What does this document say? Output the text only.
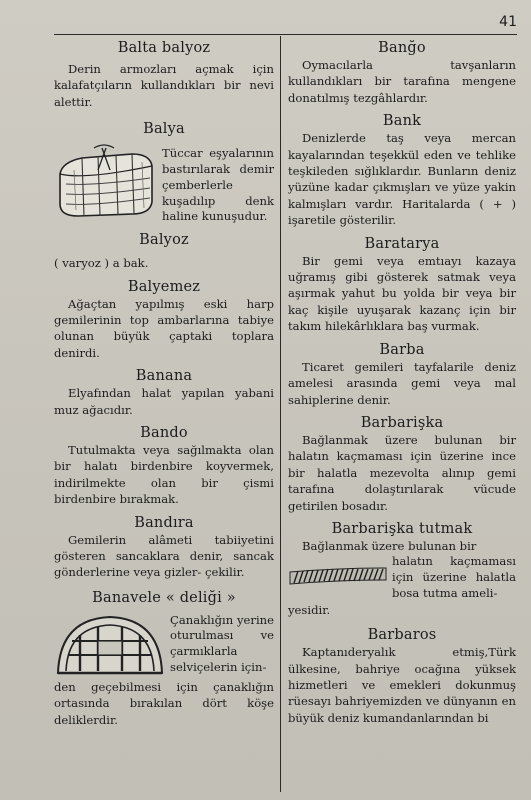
41
Balta balyoz

Derin armozları açmak için kalafatçıların kullandıkları bir nevi alettir.

Balya

Tüccar eşyalarının bastırılarak demir çemberlerle kuşadılıp denk haline kunuşudur.

Balyoz

( varyoz ) a bak.

Balyemez

Ağaçtan yapılmış eski harp gemilerinin top ambarlarına tabiye olunan büyük çaptaki toplara denirdi.

Banana

Elyafından halat yapılan yabani muz ağacıdır.

Bando

Tutulmakta veya sağılmakta olan bir halatı birdenbire koyvermek, indirilmekte olan bir çismi birdenbire bırakmak.

Bandıra

Gemilerin alâmeti tabiiyetini gösteren sancaklara denir, sancak gönderlerine veya gizler- çekilir.

Banavele « deliği »

Çanaklığın yerine oturulması ve çarmıklarla selviçelerin için-

den geçebilmesi için çanaklığın ortasında bırakılan dört köşe deliklerdir.

Banğo

Oymacılarla tavşanların kullandıkları bir tarafına mengene donatılmış tezgâhlardır.

Bank

Denizlerde taş veya mercan kayalarından teşekkül eden ve tehlike teşkileden sığlıklardır. Bunların deniz yüzüne kadar çıkmışları ve yüze yakin kalmışları vardır. Haritalarda ( + ) işaretile gösterilir.

Baratarya

Bir gemi veya emtıayı kazaya uğramış gibi gösterek satmak veya aşırmak yahut bu yolda bir veya bir kaç kişile uyuşarak kazanç için bir takım hilekârlıklara baş vurmak.

Barba

Ticaret gemileri tayfalarile deniz amelesi arasında gemi veya mal sahiplerine denir.

Barbarişka

Bağlanmak üzere bulunan bir halatın kaçmaması için üzerine ince bir halatla mezevolta alınıp gemi tarafına dolaştırılarak vücude getirilen bosadır.

Barbarişka tutmak

Bağlanmak üzere bulunan bir

halatın kaçmaması için üzerine halatla bosa tutma ameli-

yesidir.

Barbaros

Kaptanıderyalık etmiş,Türk ülkesine, bahriye ocağına yüksek hizmetleri ve emekleri dokunmuş rüesayı bahriyemizden ve dünyanın en büyük deniz kumandanlarından bi
